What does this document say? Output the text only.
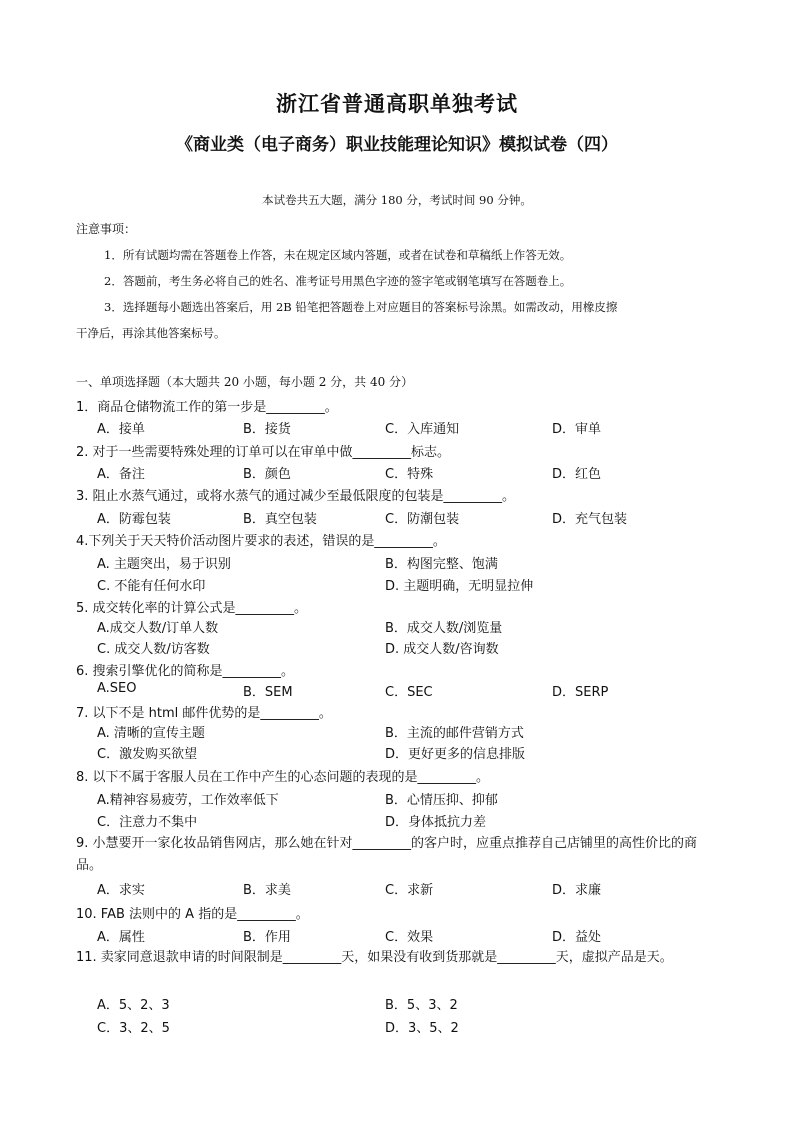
浙江省普通高职单独考试
《商业类（电子商务）职业技能理论知识》模拟试卷（四）
本试卷共五大题，满分 180 分，考试时间 90 分钟。
注意事项：
1．所有试题均需在答题卷上作答，未在规定区域内答题，或者在试卷和草稿纸上作答无效。
2．答题前，考生务必将自己的姓名、准考证号用黑色字迹的签字笔或钢笔填写在答题卷上。
3．选择题每小题选出答案后，用 2B 铅笔把答题卷上对应题目的答案标号涂黑。如需改动，用橡皮擦
干净后，再涂其他答案标号。
一、单项选择题（本大题共 20 小题，每小题 2 分，共 40 分）
1．商品仓储物流工作的第一步是_________。
A．接单	B．接货	C．入库通知	D．审单
2. 对于一些需要特殊处理的订单可以在审单中做_________标志。
A．备注	B．颜色	C．特殊	D．红色
3. 阻止水蒸气通过，或将水蒸气的通过减少至最低限度的包装是_________。
A．防霉包装	B．真空包装	C．防潮包装	D．充气包装
4.下列关于天天特价活动图片要求的表述，错误的是_________。
A. 主题突出，易于识别	B．构图完整、饱满
C. 不能有任何水印	D. 主题明确，无明显拉伸
5. 成交转化率的计算公式是_________。
A.成交人数/订单人数	B．成交人数/浏览量
C. 成交人数/访客数	D. 成交人数/咨询数
6. 搜索引擎优化的简称是_________。
A.SEO	B．SEM	C．SEC	D．SERP
7. 以下不是 html 邮件优势的是_________。
A. 清晰的宣传主题	B．主流的邮件营销方式
C．激发购买欲望	D．更好更多的信息排版
8. 以下不属于客服人员在工作中产生的心态问题的表现的是_________。
A.精神容易疲劳，工作效率低下	B．心情压抑、抑郁
C．注意力不集中	D．身体抵抗力差
9. 小慧要开一家化妆品销售网店，那么她在针对_________的客户时，应重点推荐自己店铺里的高性价比的商品。
A．求实	B．求美	C．求新	D．求廉
10. FAB 法则中的 A 指的是_________。
A．属性	B．作用	C．效果	D．益处
11. 卖家同意退款申请的时间限制是_________天，如果没有收到货那就是_________天，虚拟产品是天。
A．5、2、3	B．5、3、2
C．3、2、5	D．3、5、2
